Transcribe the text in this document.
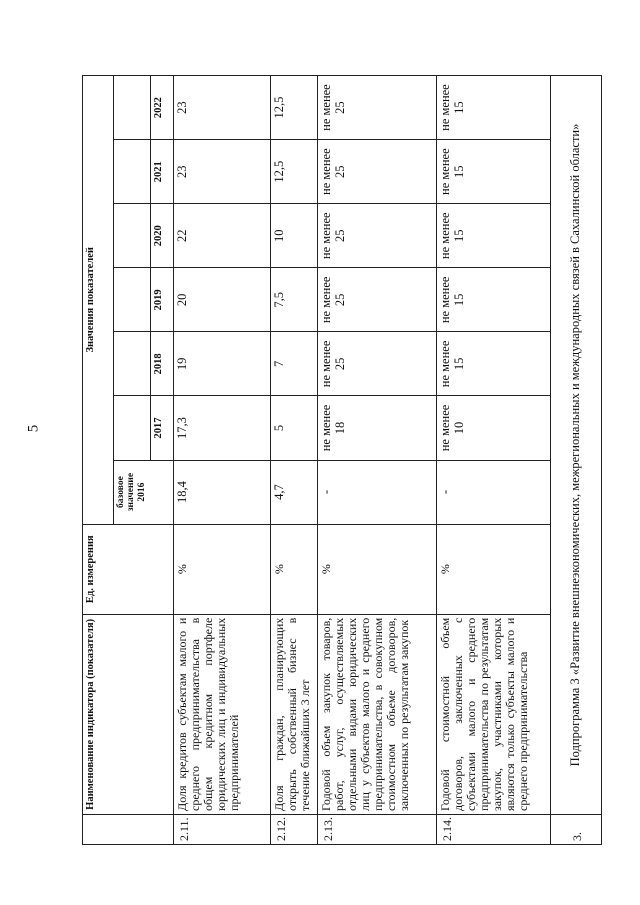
5
	Наименование индикатора (показателя)	Ед. измерения	Значения показателей						
			базовое значение 2016						
				2017	2018	2019	2020	2021	2022
2.11.	Доля кредитов субъектам малого и среднего предпринимательства в общем кредитном портфеле юридических лиц и индивидуальных предпринимателей	%	18,4	17,3	19	20	22	23	23
2.12.	Доля граждан, планирующих открыть собственный бизнес в течение ближайших 3 лет	%	4,7	5	7	7,5	10	12,5	12,5
2.13.	Годовой объем закупок товаров, работ, услуг, осуществляемых отдельными видами юридических лиц у субъектов малого и среднего предпринимательства, в совокупном стоимостном объеме договоров, заключенных по результатам закупок	%	-	не менее 18	не менее 25	не менее 25	не менее 25	не менее 25	не менее 25
2.14.	Годовой стоимостной объем договоров, заключенных с субъектами малого и среднего предпринимательства по результатам закупок, участниками которых являются только субъекты малого и среднего предпринимательства	%	-	не менее 10	не менее 15	не менее 15	не менее 15	не менее 15	не менее 15
3.	Подпрограмма 3 «Развитие внешнеэкономических, межрегиональных и международных связей в Сахалинской области»								
